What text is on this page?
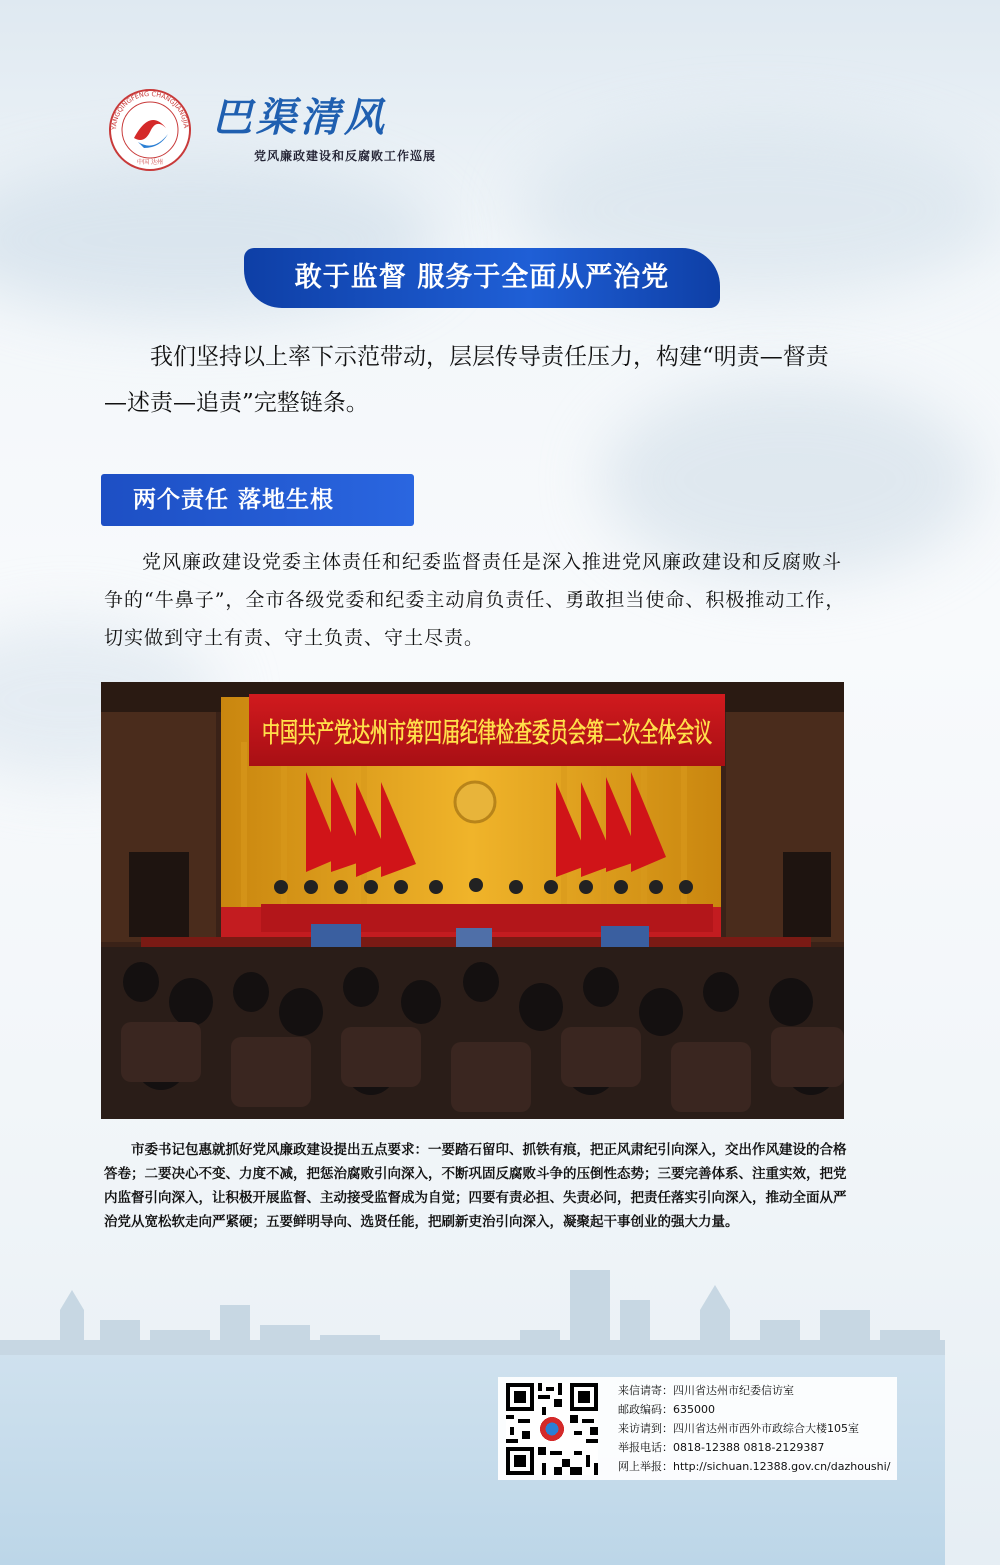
YANGQINGFENG CHANGJIANGJIA
中国 达州
巴渠清风
党风廉政建设和反腐败工作巡展
敢于监督 服务于全面从严治党

我们坚持以上率下示范带动，层层传导责任压力，构建“明责—督责—述责—追责”完整链条。

两个责任 落地生根

党风廉政建设党委主体责任和纪委监督责任是深入推进党风廉政建设和反腐败斗争的“牛鼻子”，全市各级党委和纪委主动肩负责任、勇敢担当使命、积极推动工作，切实做到守土有责、守土负责、守土尽责。

中国共产党达州市第四届纪律检查委员会第二次全体会议

市委书记包惠就抓好党风廉政建设提出五点要求：一要踏石留印、抓铁有痕，把正风肃纪引向深入，交出作风建设的合格答卷；二要决心不变、力度不减，把惩治腐败引向深入，不断巩固反腐败斗争的压倒性态势；三要完善体系、注重实效，把党内监督引向深入，让积极开展监督、主动接受监督成为自觉；四要有责必担、失责必问，把责任落实引向深入，推动全面从严治党从宽松软走向严紧硬；五要鲜明导向、选贤任能，把刷新吏治引向深入，凝聚起干事创业的强大力量。

来信请寄：四川省达州市纪委信访室
邮政编码：635000
来访请到：四川省达州市西外市政综合大楼105室
举报电话：0818-12388 0818-2129387
网上举报：http://sichuan.12388.gov.cn/dazhoushi/
